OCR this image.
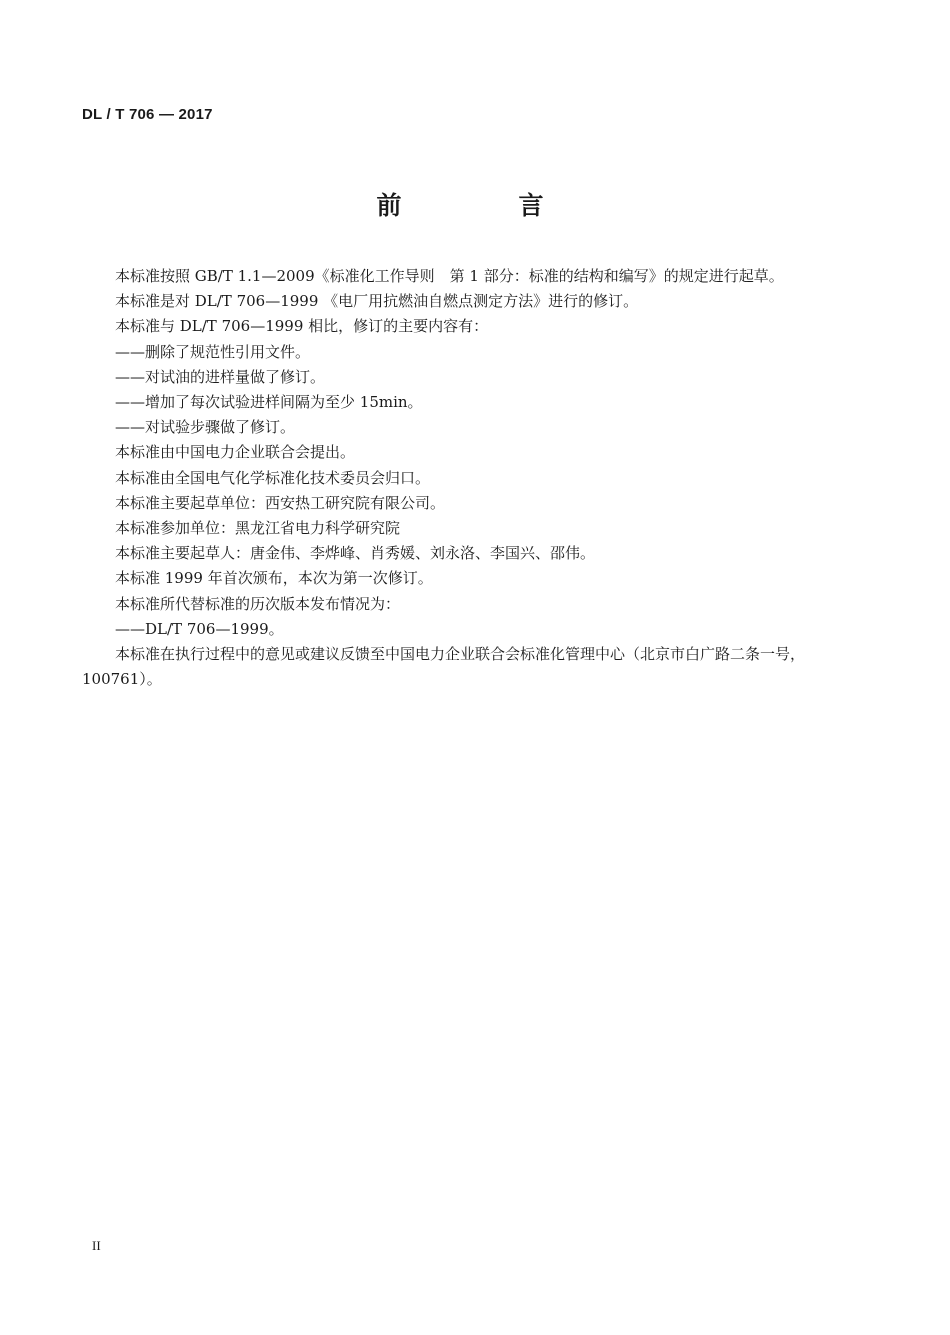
DL / T 706 — 2017
前　言

本标准按照 GB/T 1.1—2009《标准化工作导则　第 1 部分：标准的结构和编写》的规定进行起草。

本标准是对 DL/T 706—1999 《电厂用抗燃油自燃点测定方法》进行的修订。

本标准与 DL/T 706—1999 相比，修订的主要内容有：

——删除了规范性引用文件。

——对试油的进样量做了修订。

——增加了每次试验进样间隔为至少 15min。

——对试验步骤做了修订。

本标准由中国电力企业联合会提出。

本标准由全国电气化学标准化技术委员会归口。

本标准主要起草单位：西安热工研究院有限公司。

本标准参加单位：黑龙江省电力科学研究院

本标准主要起草人：唐金伟、李烨峰、肖秀媛、刘永洛、李国兴、邵伟。

本标准 1999 年首次颁布，本次为第一次修订。

本标准所代替标准的历次版本发布情况为：

——DL/T 706—1999。

本标准在执行过程中的意见或建议反馈至中国电力企业联合会标准化管理中心（北京市白广路二条一号，100761）。

II
